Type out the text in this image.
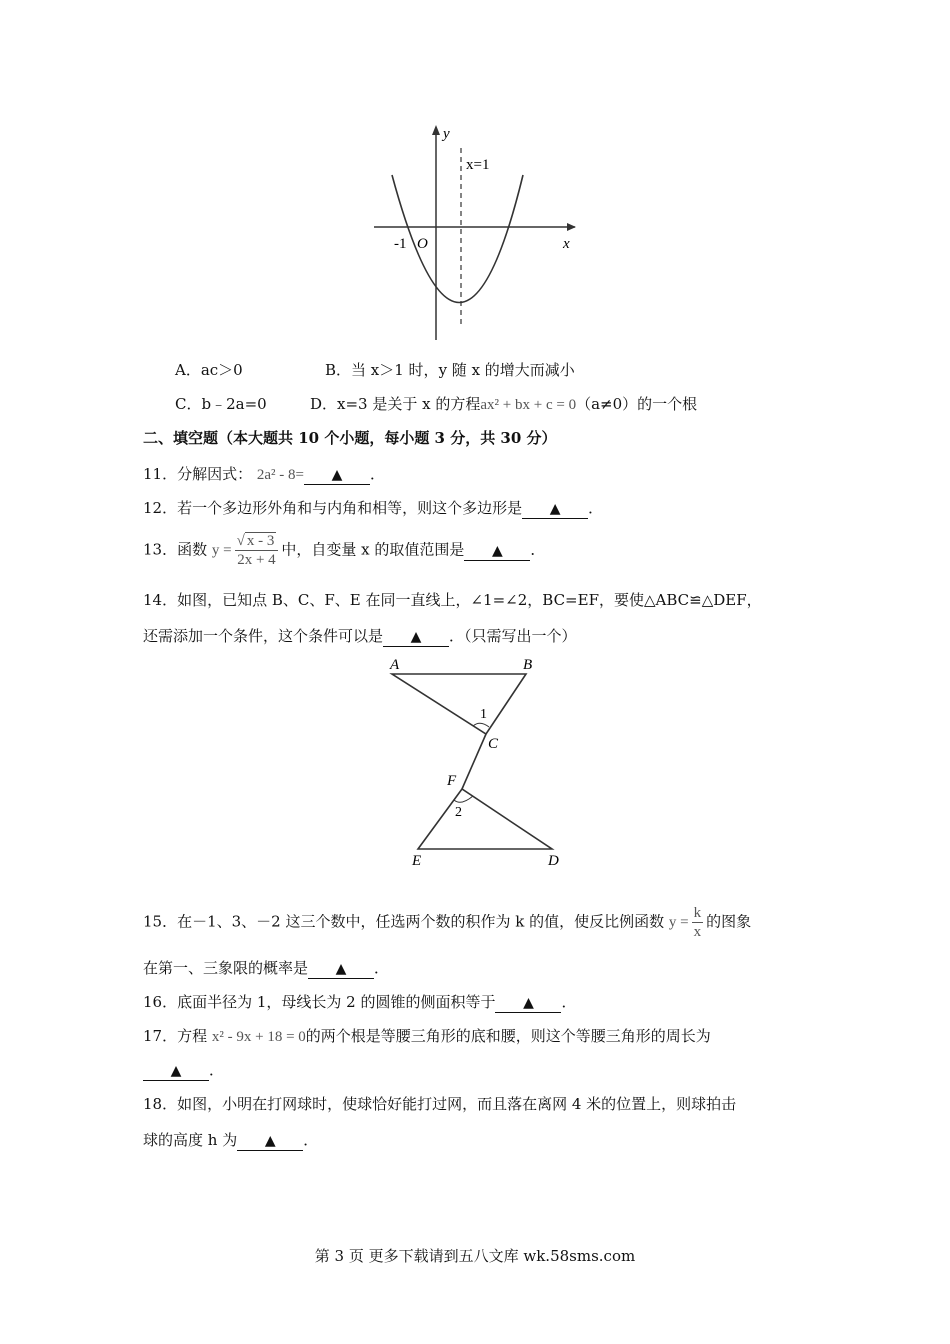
y
x=1
x
O
-1
A．ac＞0	B．当 x＞1 时，y 随 x 的增大而减小
C．b﹣2a=0	D．x=3 是关于 x 的方程ax² + bx + c = 0（a≠0）的一个根
二、填空题（本大题共 10 个小题，每小题 3 分，共 30 分）
11．分解因式： 2a² - 8= ▲ ．
12．若一个多边形外角和与内角和相等，则这个多边形是 ▲ ．
13．函数 $y = \frac{√ x - 3}{2x + 4}$ 中，自变量 x 的取值范围是 ▲ ．
14．如图，已知点 B、C、F、E 在同一直线上，∠1=∠2，BC=EF，要使△ABC≌△DEF，
还需添加一个条件，这个条件可以是 ▲ ．（只需写出一个）
A	B
C
F
E	D
1
2
15．在－1、3、－2 这三个数中，任选两个数的积作为 k 的值，使反比例函数 $y = \frac{k}{x}$ 的图象
在第一、三象限的概率是 ▲ ．
16．底面半径为 1，母线长为 2 的圆锥的侧面积等于 ▲ ．
17．方程 x² - 9x + 18 = 0的两个根是等腰三角形的底和腰，则这个等腰三角形的周长为
▲ ．
18．如图，小明在打网球时，使球恰好能打过网，而且落在离网 4 米的位置上，则球拍击
球的高度 h 为 ▲ ．
第 3 页 更多下载请到五八文库 wk.58sms.com
